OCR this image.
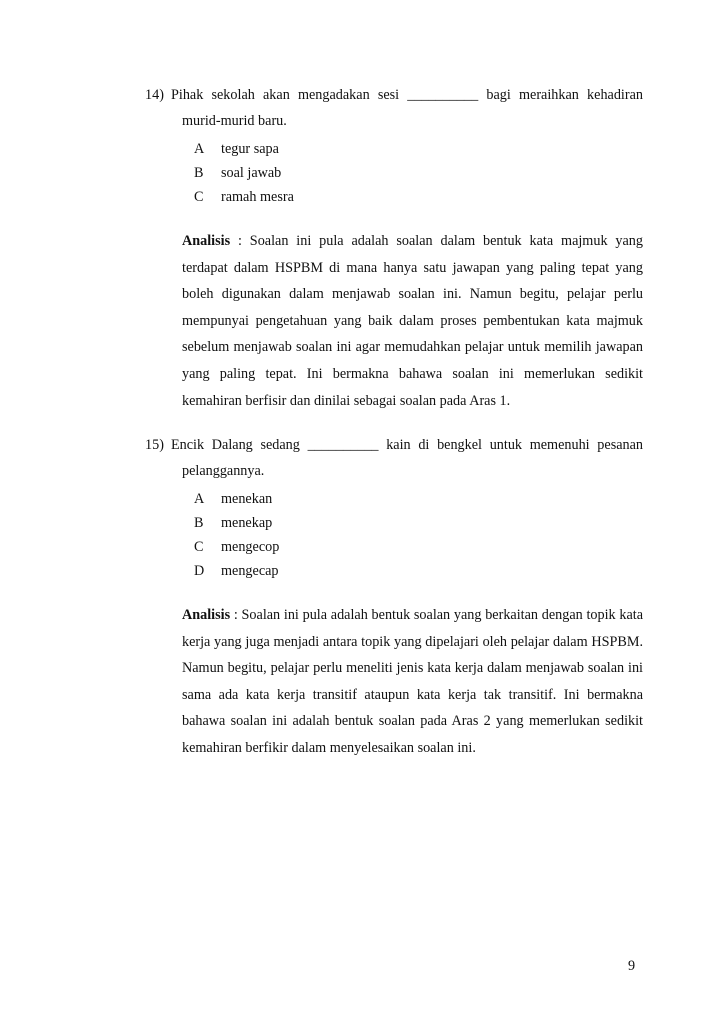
14) Pihak sekolah akan mengadakan sesi __________ bagi meraihkan kehadiran murid-murid baru.
A tegur sapa
B soal jawab
C ramah mesra
Analisis : Soalan ini pula adalah soalan dalam bentuk kata majmuk yang terdapat dalam HSPBM di mana hanya satu jawapan yang paling tepat yang boleh digunakan dalam menjawab soalan ini. Namun begitu, pelajar perlu mempunyai pengetahuan yang baik dalam proses pembentukan kata majmuk sebelum menjawab soalan ini agar memudahkan pelajar untuk memilih jawapan yang paling tepat. Ini bermakna bahawa soalan ini memerlukan sedikit kemahiran berfisir dan dinilai sebagai soalan pada Aras 1.
15) Encik Dalang sedang __________ kain di bengkel untuk memenuhi pesanan pelanggannya.
A menekan
B menekap
C mengecop
D mengecap
Analisis : Soalan ini pula adalah bentuk soalan yang berkaitan dengan topik kata kerja yang juga menjadi antara topik yang dipelajari oleh pelajar dalam HSPBM. Namun begitu, pelajar perlu meneliti jenis kata kerja dalam menjawab soalan ini sama ada kata kerja transitif ataupun kata kerja tak transitif. Ini bermakna bahawa soalan ini adalah bentuk soalan pada Aras 2 yang memerlukan sedikit kemahiran berfikir dalam menyelesaikan soalan ini.
9
